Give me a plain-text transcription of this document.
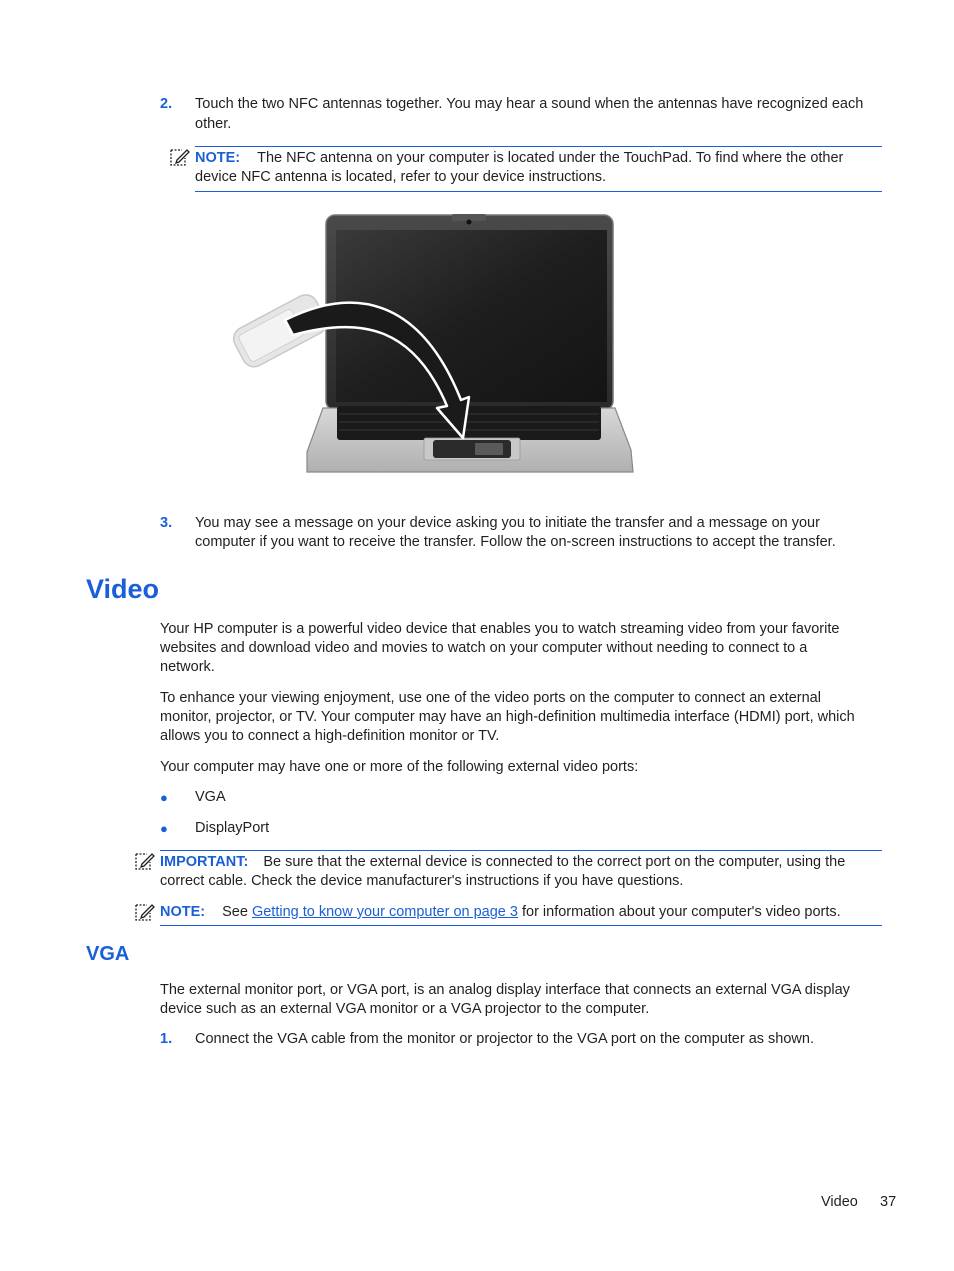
2. Touch the two NFC antennas together. You may hear a sound when the antennas have recognized each
other.
NOTE: The NFC antenna on your computer is located under the TouchPad. To find where the other
device NFC antenna is located, refer to your device instructions.
3. You may see a message on your device asking you to initiate the transfer and a message on your
computer if you want to receive the transfer. Follow the on-screen instructions to accept the transfer.
Video
Your HP computer is a powerful video device that enables you to watch streaming video from your favorite
websites and download video and movies to watch on your computer without needing to connect to a
network.
To enhance your viewing enjoyment, use one of the video ports on the computer to connect an external
monitor, projector, or TV. Your computer may have an high-definition multimedia interface (HDMI) port, which
allows you to connect a high-definition monitor or TV.
Your computer may have one or more of the following external video ports:
● VGA
● DisplayPort
IMPORTANT: Be sure that the external device is connected to the correct port on the computer, using the
correct cable. Check the device manufacturer's instructions if you have questions.
NOTE: See Getting to know your computer on page 3 for information about your computer's video ports.
VGA
The external monitor port, or VGA port, is an analog display interface that connects an external VGA display
device such as an external VGA monitor or a VGA projector to the computer.
1. Connect the VGA cable from the monitor or projector to the VGA port on the computer as shown.
Video 37
